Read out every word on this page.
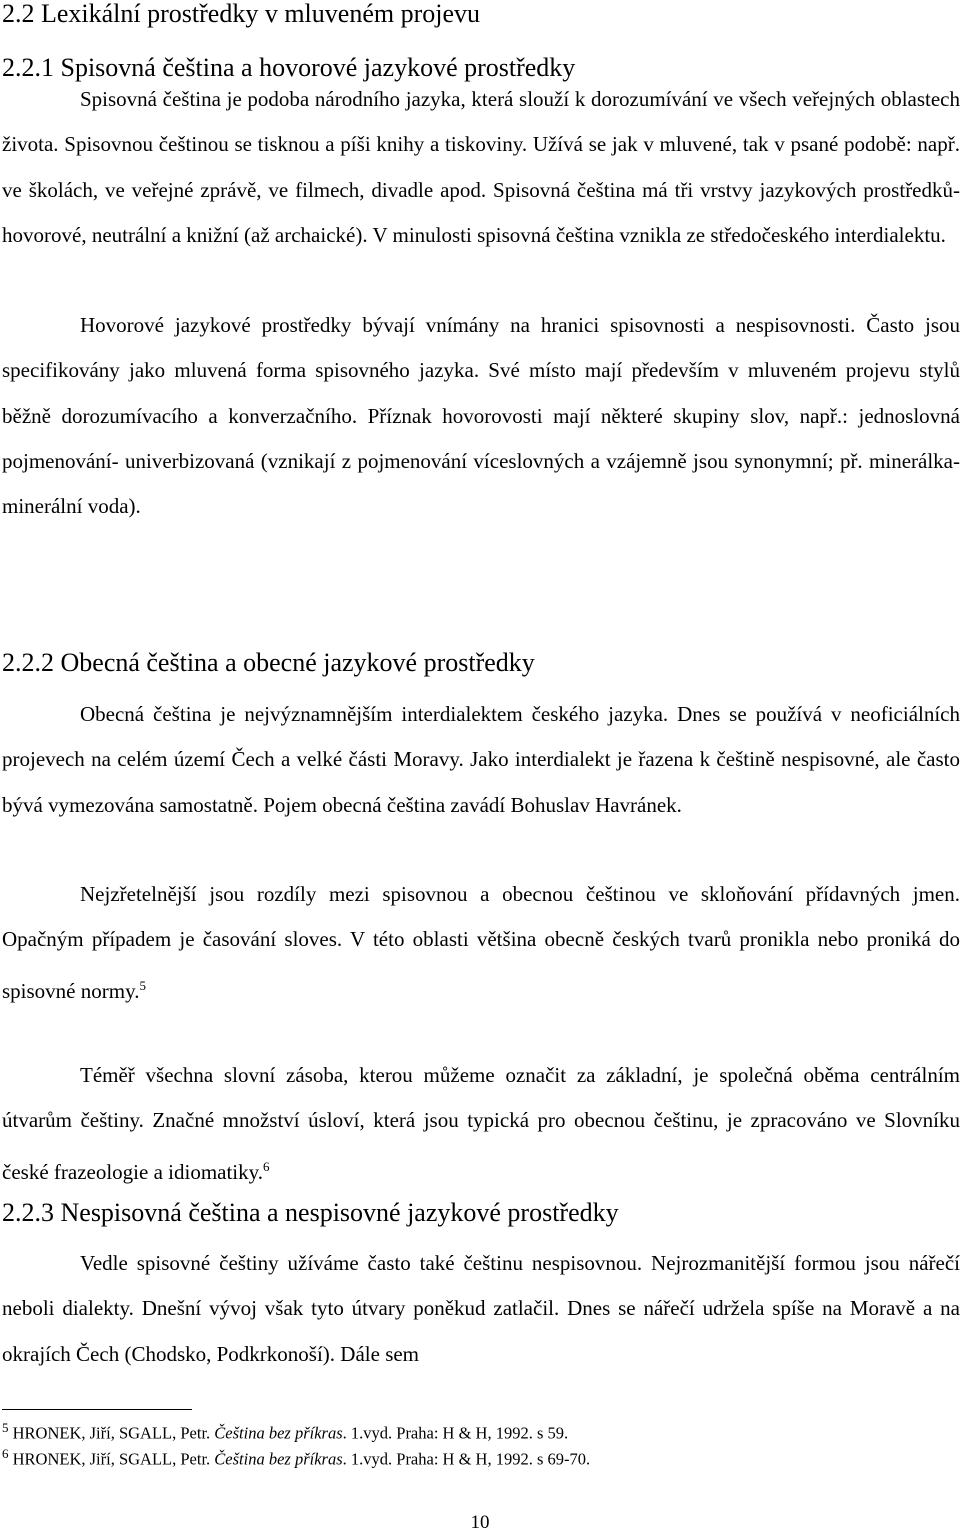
2.2 Lexikální prostředky v mluveném projevu
2.2.1 Spisovná čeština a hovorové jazykové prostředky

Spisovná čeština je podoba národního jazyka, která slouží k dorozumívání ve všech veřejných oblastech života. Spisovnou češtinou se tisknou a píši knihy a tiskoviny. Užívá se jak v mluvené, tak v psané podobě: např. ve školách, ve veřejné zprávě, ve filmech, divadle apod. Spisovná čeština má tři vrstvy jazykových prostředků- hovorové, neutrální a knižní (až archaické). V minulosti spisovná čeština vznikla ze středočeského interdialektu.

Hovorové jazykové prostředky bývají vnímány na hranici spisovnosti a nespisovnosti. Často jsou specifikovány jako mluvená forma spisovného jazyka. Své místo mají především v mluveném projevu stylů běžně dorozumívacího a konverzačního. Příznak hovorovosti mají některé skupiny slov, např.: jednoslovná pojmenování- univerbizovaná (vznikají z pojmenování víceslovných a vzájemně jsou synonymní; př. minerálka- minerální voda).

2.2.2 Obecná čeština a obecné jazykové prostředky

Obecná čeština je nejvýznamnějším interdialektem českého jazyka. Dnes se používá v neoficiálních projevech na celém území Čech a velké části Moravy. Jako interdialekt je řazena k češtině nespisovné, ale často bývá vymezována samostatně. Pojem obecná čeština zavádí Bohuslav Havránek.

Nejzřetelnější jsou rozdíly mezi spisovnou a obecnou češtinou ve skloňování přídavných jmen. Opačným případem je časování sloves. V této oblasti většina obecně českých tvarů pronikla nebo proniká do spisovné normy.$^5$

Téměř všechna slovní zásoba, kterou můžeme označit za základní, je společná oběma centrálním útvarům češtiny. Značné množství úsloví, která jsou typická pro obecnou češtinu, je zpracováno ve Slovníku české frazeologie a idiomatiky.$^6$

2.2.3 Nespisovná čeština a nespisovné jazykové prostředky

Vedle spisovné češtiny užíváme často také češtinu nespisovnou. Nejrozmanitější formou jsou nářečí neboli dialekty. Dnešní vývoj však tyto útvary poněkud zatlačil. Dnes se nářečí udržela spíše na Moravě a na okrajích Čech (Chodsko, Podkrkonoší). Dále sem

$^5$ HRONEK, Jiří, SGALL, Petr. Čeština bez příkras. 1.vyd. Praha: H & H, 1992. s 59.
$^6$ HRONEK, Jiří, SGALL, Petr. Čeština bez příkras. 1.vyd. Praha: H & H, 1992. s 69-70.
10
